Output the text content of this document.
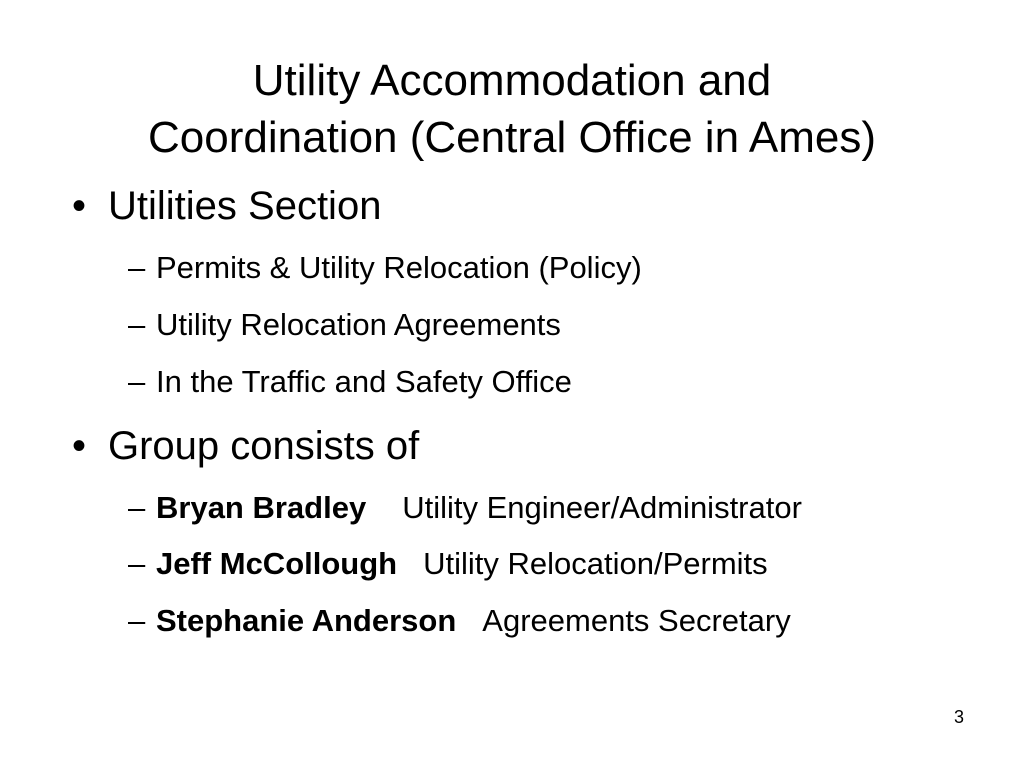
Utility Accommodation and
Coordination (Central Office in Ames)
• Utilities Section
– Permits & Utility Relocation (Policy)
– Utility Relocation Agreements
– In the Traffic and Safety Office
• Group consists of
– Bryan Bradley Utility Engineer/Administrator
– Jeff McCollough Utility Relocation/Permits
– Stephanie Anderson Agreements Secretary
3
